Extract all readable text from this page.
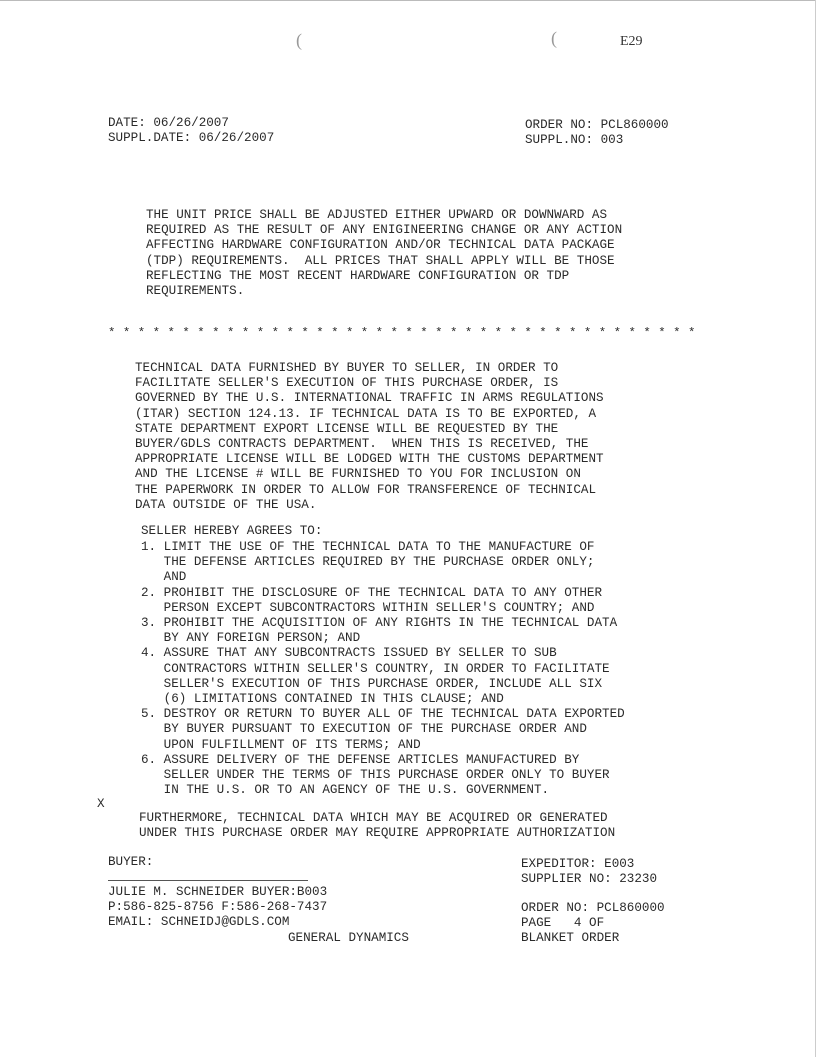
(	(	E29
DATE: 06/26/2007
SUPPL.DATE: 06/26/2007
ORDER NO: PCL860000
SUPPL.NO: 003
THE UNIT PRICE SHALL BE ADJUSTED EITHER UPWARD OR DOWNWARD AS
REQUIRED AS THE RESULT OF ANY ENIGINEERING CHANGE OR ANY ACTION
AFFECTING HARDWARE CONFIGURATION AND/OR TECHNICAL DATA PACKAGE
(TDP) REQUIREMENTS.  ALL PRICES THAT SHALL APPLY WILL BE THOSE
REFLECTING THE MOST RECENT HARDWARE CONFIGURATION OR TDP
REQUIREMENTS.
* * * * * * * * * * * * * * * * * * * * * * * * * * * * * * * * * * * * * * * *
TECHNICAL DATA FURNISHED BY BUYER TO SELLER, IN ORDER TO
FACILITATE SELLER'S EXECUTION OF THIS PURCHASE ORDER, IS
GOVERNED BY THE U.S. INTERNATIONAL TRAFFIC IN ARMS REGULATIONS
(ITAR) SECTION 124.13. IF TECHNICAL DATA IS TO BE EXPORTED, A
STATE DEPARTMENT EXPORT LICENSE WILL BE REQUESTED BY THE
BUYER/GDLS CONTRACTS DEPARTMENT.  WHEN THIS IS RECEIVED, THE
APPROPRIATE LICENSE WILL BE LODGED WITH THE CUSTOMS DEPARTMENT
AND THE LICENSE # WILL BE FURNISHED TO YOU FOR INCLUSION ON
THE PAPERWORK IN ORDER TO ALLOW FOR TRANSFERENCE OF TECHNICAL
DATA OUTSIDE OF THE USA.
SELLER HEREBY AGREES TO:
1. LIMIT THE USE OF THE TECHNICAL DATA TO THE MANUFACTURE OF
THE DEFENSE ARTICLES REQUIRED BY THE PURCHASE ORDER ONLY;
AND
2. PROHIBIT THE DISCLOSURE OF THE TECHNICAL DATA TO ANY OTHER
PERSON EXCEPT SUBCONTRACTORS WITHIN SELLER'S COUNTRY; AND
3. PROHIBIT THE ACQUISITION OF ANY RIGHTS IN THE TECHNICAL DATA
BY ANY FOREIGN PERSON; AND
4. ASSURE THAT ANY SUBCONTRACTS ISSUED BY SELLER TO SUB
CONTRACTORS WITHIN SELLER'S COUNTRY, IN ORDER TO FACILITATE
SELLER'S EXECUTION OF THIS PURCHASE ORDER, INCLUDE ALL SIX
(6) LIMITATIONS CONTAINED IN THIS CLAUSE; AND
5. DESTROY OR RETURN TO BUYER ALL OF THE TECHNICAL DATA EXPORTED
BY BUYER PURSUANT TO EXECUTION OF THE PURCHASE ORDER AND
UPON FULFILLMENT OF ITS TERMS; AND
6. ASSURE DELIVERY OF THE DEFENSE ARTICLES MANUFACTURED BY
SELLER UNDER THE TERMS OF THIS PURCHASE ORDER ONLY TO BUYER
IN THE U.S. OR TO AN AGENCY OF THE U.S. GOVERNMENT.
X
FURTHERMORE, TECHNICAL DATA WHICH MAY BE ACQUIRED OR GENERATED
UNDER THIS PURCHASE ORDER MAY REQUIRE APPROPRIATE AUTHORIZATION
BUYER:
JULIE M. SCHNEIDER BUYER:B003
P:586-825-8756 F:586-268-7437
EMAIL: SCHNEIDJ@GDLS.COM
GENERAL DYNAMICS
EXPEDITOR: E003
SUPPLIER NO: 23230
ORDER NO: PCL860000
PAGE   4 OF
BLANKET ORDER
